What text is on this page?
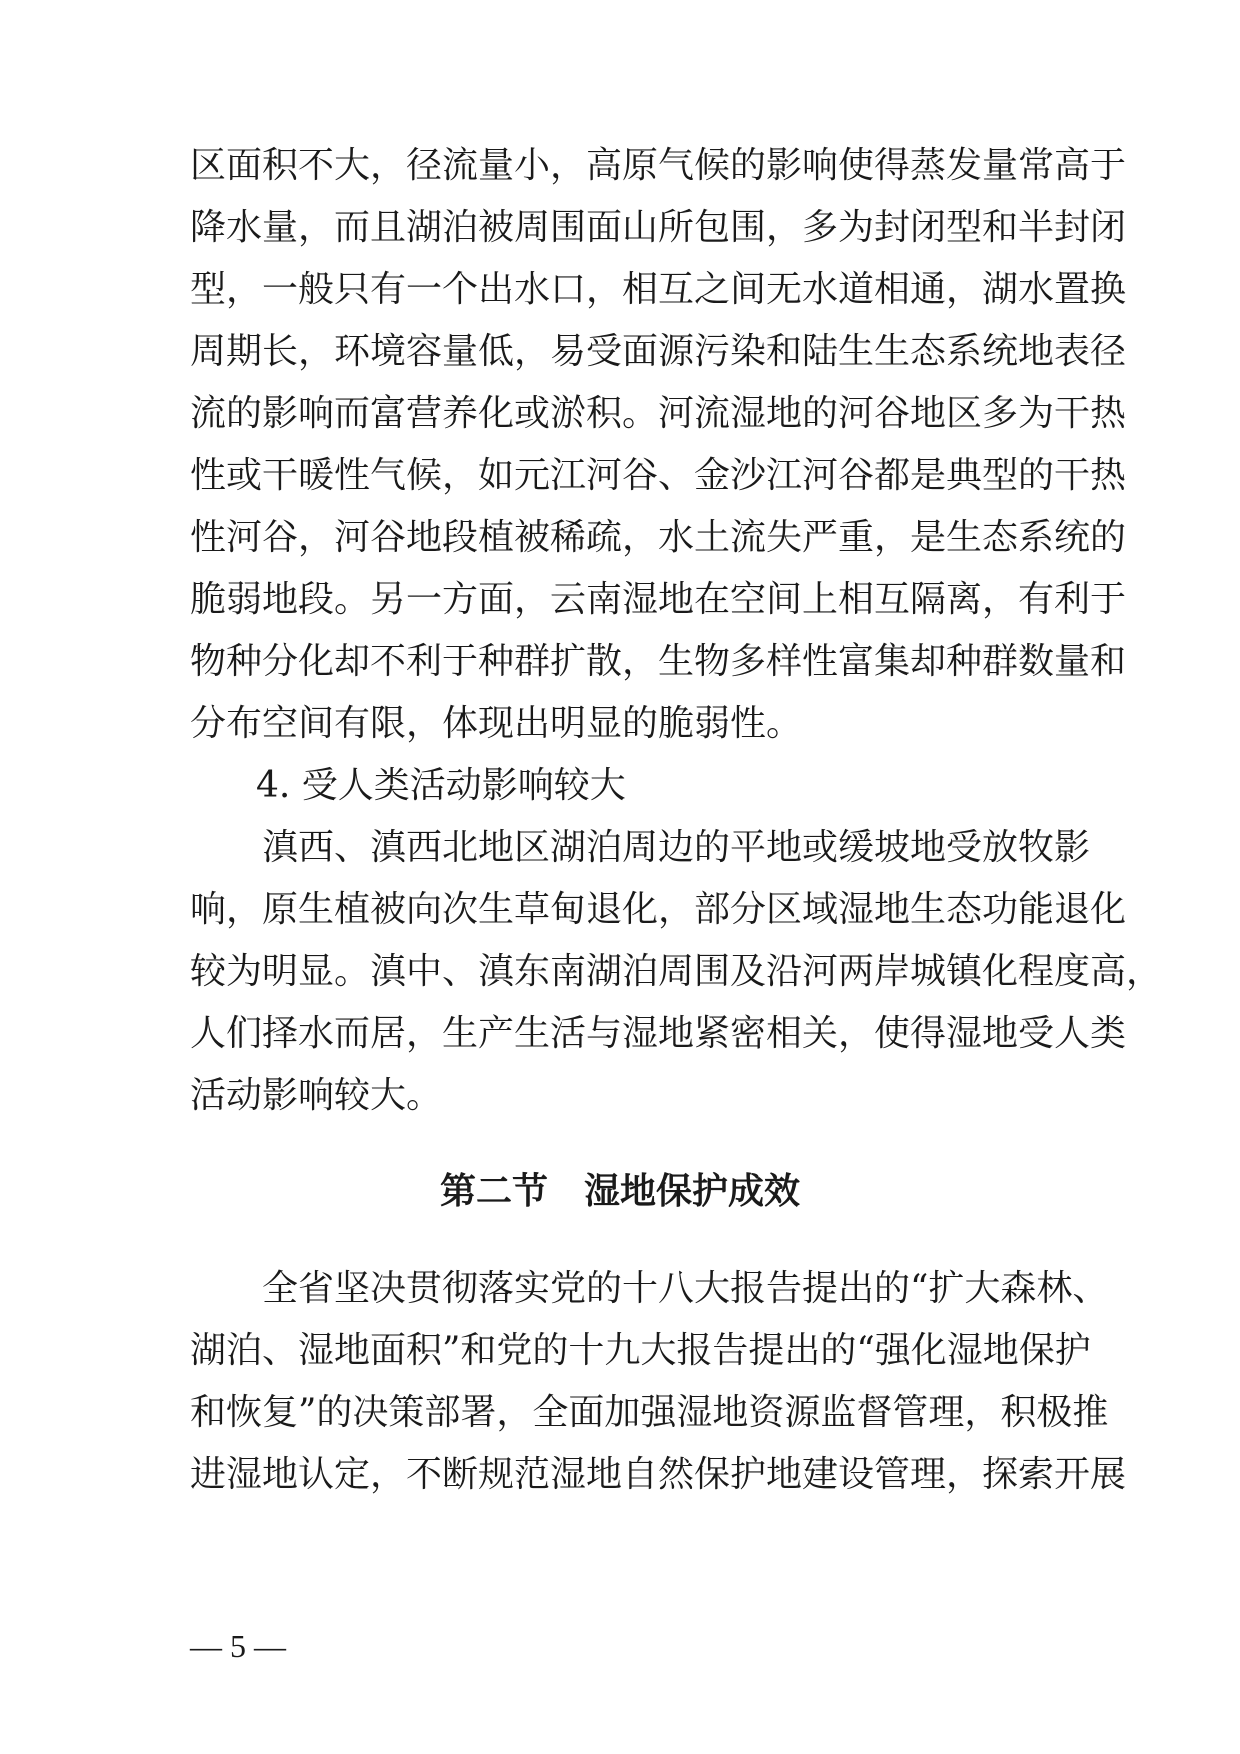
区面积不大，径流量小，高原气候的影响使得蒸发量常高于
降水量，而且湖泊被周围面山所包围，多为封闭型和半封闭
型，一般只有一个出水口，相互之间无水道相通，湖水置换
周期长，环境容量低，易受面源污染和陆生生态系统地表径
流的影响而富营养化或淤积。河流湿地的河谷地区多为干热
性或干暖性气候，如元江河谷、金沙江河谷都是典型的干热
性河谷，河谷地段植被稀疏，水土流失严重，是生态系统的
脆弱地段。另一方面，云南湿地在空间上相互隔离，有利于
物种分化却不利于种群扩散，生物多样性富集却种群数量和
分布空间有限，体现出明显的脆弱性。
4. 受人类活动影响较大
滇西、滇西北地区湖泊周边的平地或缓坡地受放牧影
响，原生植被向次生草甸退化，部分区域湿地生态功能退化
较为明显。滇中、滇东南湖泊周围及沿河两岸城镇化程度高，
人们择水而居，生产生活与湿地紧密相关，使得湿地受人类
活动影响较大。
第二节　湿地保护成效
全省坚决贯彻落实党的十八大报告提出的“扩大森林、
湖泊、湿地面积”和党的十九大报告提出的“强化湿地保护
和恢复”的决策部署，全面加强湿地资源监督管理，积极推
进湿地认定，不断规范湿地自然保护地建设管理，探索开展
— 5 —
